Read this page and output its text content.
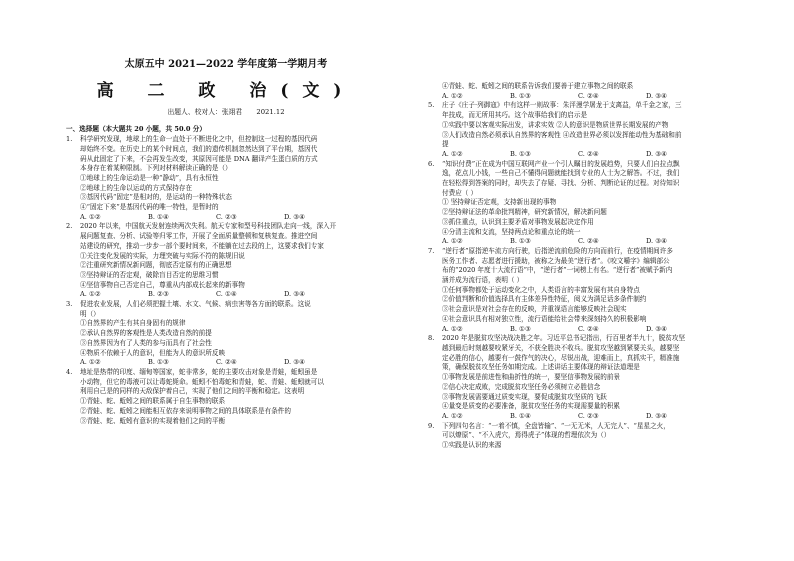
太原五中 2021—2022 学年度第一学期月考
高 二 政 治(文)
出题人、校对人：张翊君 2021.12
一、选择题（本大题共 20 小题，共 50.0 分）
1.	科学研究发现，地球上的生命一直处于不断进化之中，但控制这一过程的基因代码
却始终不变。在历史上的某个时间点，我们的遗传机制忽然达到了平台期，基因代
码从此固定了下来，不会再发生改变，其原因可能是 DNA 翻译产生蛋白质的方式
本身存在着某种限制。下列对材料解读正确的是（）
①地球上的生命运动是一种“静动”，具有永恒性
②地球上的生命以运动的方式保持存在
③基因代码“固定”是相对的，是运动的一种特殊状态
④“固定下来”是基因代码的唯一特性，是暂时的
A. ①②	B. ①④	C. ②③	D. ③④
2.	2020 年以来，中国航天发射连续两次失利。航天专家和型号科技团队走向一线，深入开
展问题复查、分析、试验等归零工作，开展了全面质量整顿和复核复查。推进空间
站建设的研究，推动一步步一部个要时间来，不能躺在过去段的上，这要求我们专家
①关注变化发展的实际，力理突破与实际不符的陈规旧说
②注重研究新情况新问题，彻底否定原有的正确思想
③坚持辩证的否定观，破除盲目否定的思维习惯
④坚信事物自己否定自己，尊重从内部成长起来的新事物
A. ①②	B. ②③	C. ①④	D. ③④
3.	促进农业发展，人们必须把握土壤、水文、气候、病虫害等各方面的联系。这说
明（）
①自然界的产生有其自身固有的规律
②承认自然界的客观性是人类改造自然的前提
③自然界因为有了人类的参与而具有了社会性
④物质不依赖于人的意识，但能为人的意识所反映
A. ①②	B. ①③	C. ②④	D. ③④
4.	地址是热带的印度、缅甸等国家，蛇非常多，蛇的主要攻击对象是青蛙，蚯蚓虽是
小动物，但它的毒液可以让毒蛇毙命。蚯蚓不怕毒蛇和青蛙，蛇、青蛙、蚯蚓就可以
利用自己是的同样的天敌保护着自己，实现了他们之间的平衡和稳定。这表明
①青蛙、蛇、蚯蚓之间的联系属于自生事物的联系
②青蛙、蛇、蚯蚓之间能相互依存来说明事物之间的具体联系是有条件的
③青蛙、蛇、蚯蚓有意识的实现着他们之间的平衡
④青蛙、蛇、蚯蚓之间的联系告诉我们要善于建立事物之间的联系
A. ①②	B. ①③	C. ②④	D. ③④
5.	庄子《庄子·列御寇》中有这样一则故事：朱泙漫学屠龙于支离益，单千金之家，三
年技成，而无所用其巧。这个故事给我们的启示是
①实践中要以客观实际出发，讲求实效 ②人的意识是物质世界长期发展的产物
③人们改造自然必须承认自然界的客观性 ④改造世界必须以发挥能动性为基础和前
提
A. ①②	B. ①③	C. ②④	D. ③④
6.	“知识付费”正在成为中国互联网产业一个引人瞩目的发展趋势，只要人们自拉点飘
逸，花点儿小钱，一些自己不懂得问题就能找到专业的人士为之解答。不过，我们
在轻松得到答案的同时，却失去了存疑、寻找、分析、判断论证的过程。对待知识
付费应（ ）
① 坚持辩证否定观，支持新出现的事物
②坚持辩证法的革命批判精神，研究新情况，解决新问题
③抓住重点，认识到主要矛盾对事物发展起决定作用
④分清主流和支流，坚持两点论和重点论的统一
A. ①②	B. ①③	C. ②④	D. ③④
7.	“逆行者”原指逆车流方向行驶，后指逆流前危险的方向而前行，在疫情期间许多
医务工作者、志愿者进行援助，被称之为最美“逆行者”。《咬文嚼字》编辑部公
布的“2020 年度十大流行语”中，“逆行者”一词榜上有名。“逆行者”被赋予新内
涵并成为流行语，表明（ ）
①任何事物都处于运动变化之中，人类语言的丰富发展有其自身特点
②价值判断和价值选择具有主体差异性特征，阅义为满足话多条件制约
③社会意识是对社会存在的反映，并重视语言能够反映社会现实
④社会意识具有相对独立性，流行语能给社会带来深刻持久的积极影响
A. ①②	B. ①③	C. ②④	D. ③④
8.	2020 年是脱贫攻坚决战决胜之年。习近平总书记指出，行百里者半九十，脱贫攻坚
越到最后时刻越要咬紧牙关，不获全胜决不收兵。脱贫攻坚越到紧要关头，越要坚
定必胜的信心，越要有一鼓作气的决心，尽锐出战，迎难而上，真抓实干，精准施
策，确保脱贫攻坚任务如期完成。上述讲话主要体现的辩证法道理是
①事物发展是前进性和曲折性的统一，要坚信事物发展的前景
②信心决定成败，完成脱贫攻坚任务必须树立必胜信念
③事物发展需要通过质变实现，要促成脱贫攻坚质的飞跃
④量变是质变的必要准备，脱贫攻坚任务的实现需要量的积累
A. ①②	B. ①④	C. ②③	D. ③④
9.	下列四句名言：“一着不慎，全盘皆输”、“一无无米，人无完人”、“星星之火，
可以燎原”、“不入虎穴，焉得虎子”体现的哲理依次为（）
①实践是认识的来源
